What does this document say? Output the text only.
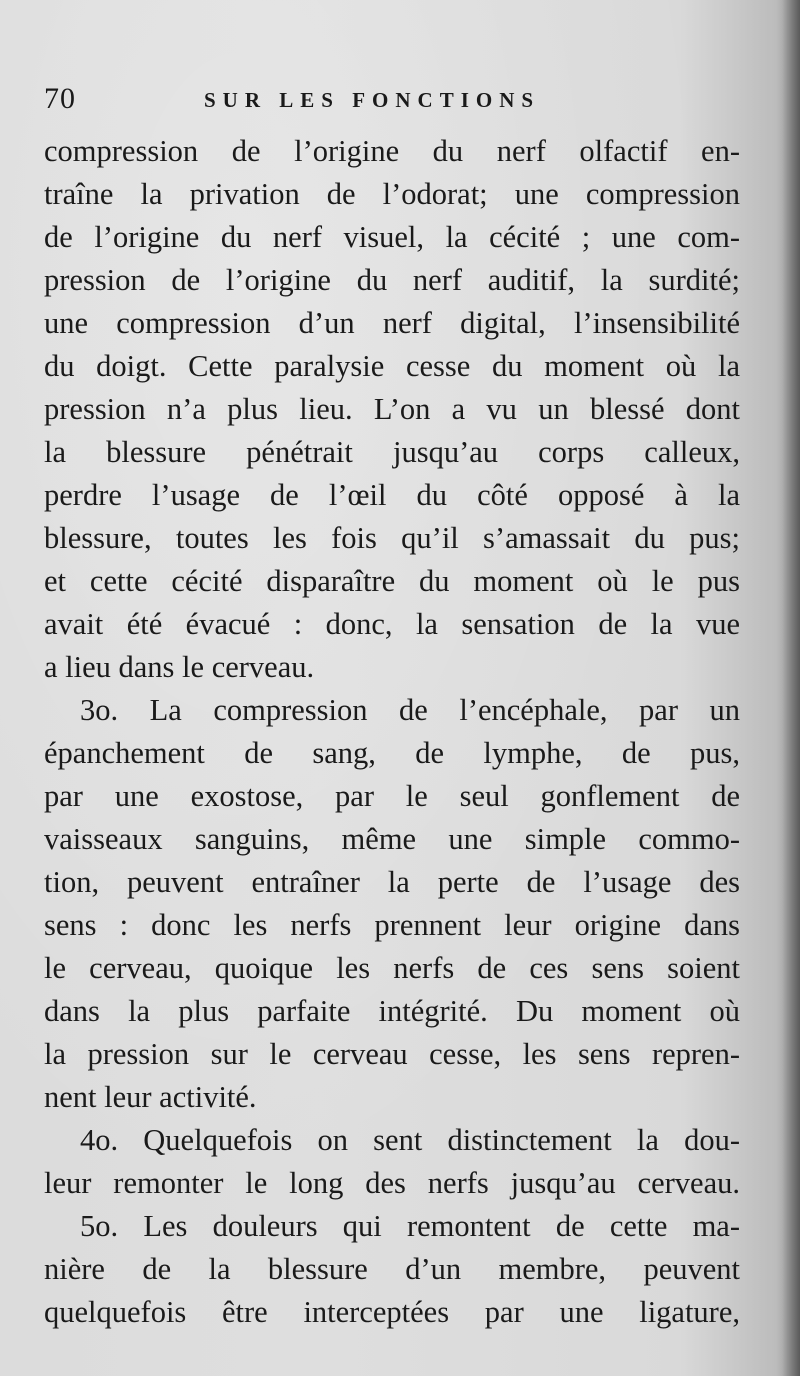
70	SUR LES FONCTIONS
compression de l’origine du nerf olfactif en-
traîne la privation de l’odorat; une compression
de l’origine du nerf visuel, la cécité ; une com-
pression de l’origine du nerf auditif, la surdité;
une compression d’un nerf digital, l’insensibilité
du doigt. Cette paralysie cesse du moment où la
pression n’a plus lieu. L’on a vu un blessé dont
la blessure pénétrait jusqu’au corps calleux,
perdre l’usage de l’œil du côté opposé à la
blessure, toutes les fois qu’il s’amassait du pus;
et cette cécité disparaître du moment où le pus
avait été évacué : donc, la sensation de la vue
a lieu dans le cerveau.
3o. La compression de l’encéphale, par un
épanchement de sang, de lymphe, de pus,
par une exostose, par le seul gonflement de
vaisseaux sanguins, même une simple commo-
tion, peuvent entraîner la perte de l’usage des
sens : donc les nerfs prennent leur origine dans
le cerveau, quoique les nerfs de ces sens soient
dans la plus parfaite intégrité. Du moment où
la pression sur le cerveau cesse, les sens repren-
nent leur activité.
4o. Quelquefois on sent distinctement la dou-
leur remonter le long des nerfs jusqu’au cerveau.
5o. Les douleurs qui remontent de cette ma-
nière de la blessure d’un membre, peuvent
quelquefois être interceptées par une ligature,
